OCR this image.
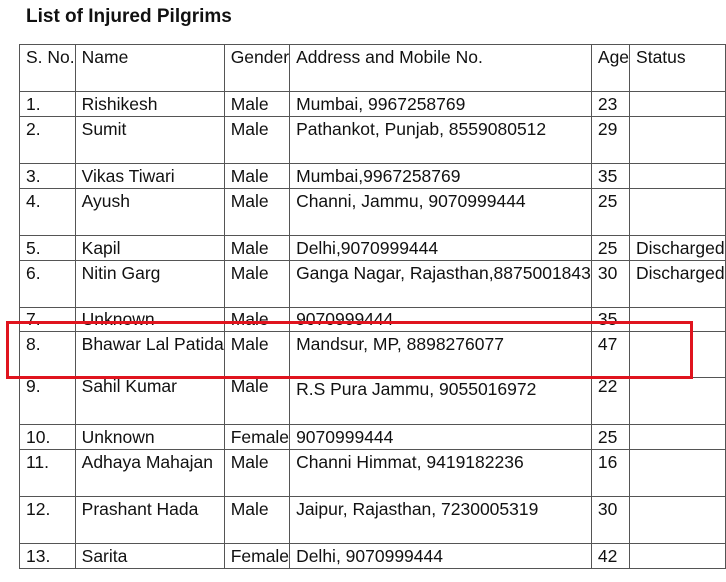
List of Injured Pilgrims
S. No.	Name	Gender	Address and Mobile No.	Age	Status
1.	Rishikesh	Male	Mumbai, 9967258769	23	
2.	Sumit	Male	Pathankot, Punjab, 8559080512	29	
3.	Vikas Tiwari	Male	Mumbai,9967258769	35	
4.	Ayush	Male	Channi, Jammu, 9070999444	25	
5.	Kapil	Male	Delhi,9070999444	25	Discharged
6.	Nitin Garg	Male	Ganga Nagar, Rajasthan,8875001843	30	Discharged
7.	Unknown	Male	9070999444	35	
8.	Bhawar Lal Patida	Male	Mandsur, MP, 8898276077	47	
9.	Sahil Kumar	Male	R.S Pura Jammu, 9055016972	22	
10.	Unknown	Female	9070999444	25	
11.	Adhaya Mahajan	Male	Channi Himmat, 9419182236	16	
12.	Prashant Hada	Male	Jaipur, Rajasthan, 7230005319	30	
13.	Sarita	Female	Delhi, 9070999444	42	
